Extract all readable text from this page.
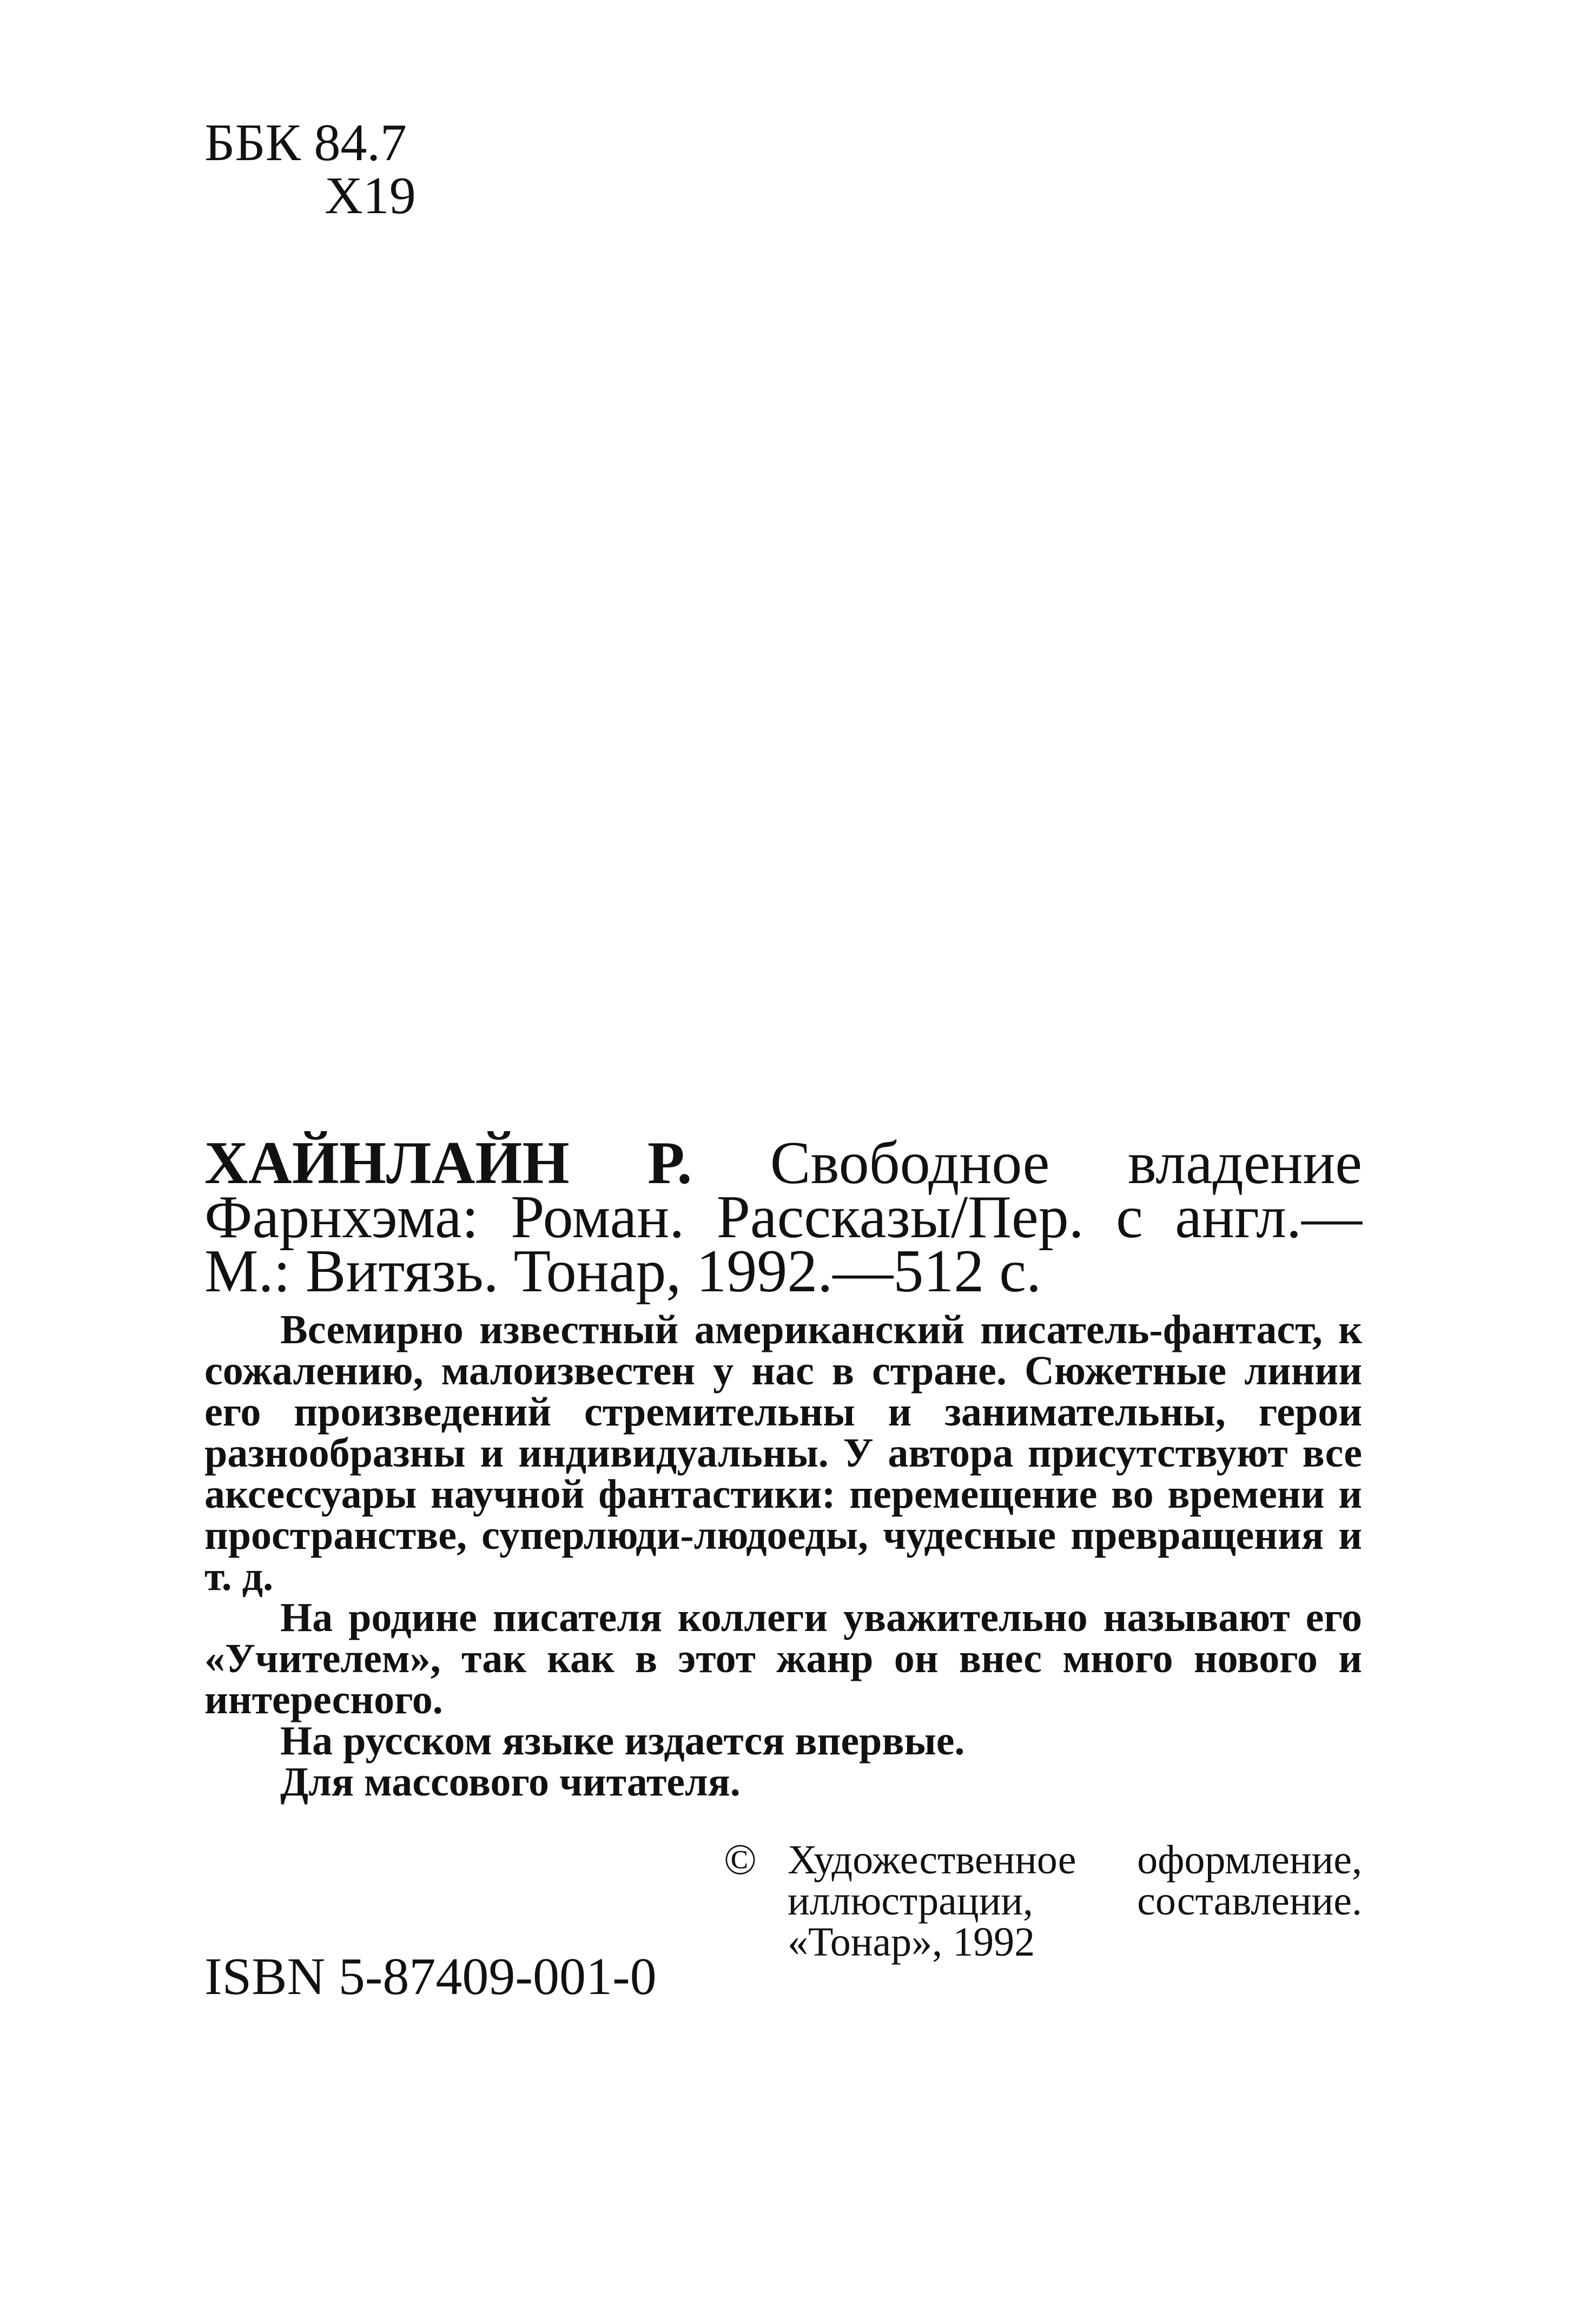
ББК 84.7
Х19
ХАЙНЛАЙН Р. Свободное владение Фарнхэма: Роман. Рассказы/Пер. с англ.— М.: Витязь. Тонар, 1992.—512 с.

Всемирно известный американский писатель-фантаст, к сожалению, малоизвестен у нас в стране. Сюжетные линии его произведений стремительны и занимательны, герои разнообразны и индивидуальны. У автора присутствуют все аксессуары научной фантастики: перемещение во времени и пространстве, суперлюди-людоеды, чудесные превращения и т. д.

На родине писателя коллеги уважительно называют его «Учителем», так как в этот жанр он внес много нового и интересного.

На русском языке издается впервые.

Для массового читателя.

ISBN 5-87409-001-0
© Художественное оформление, иллюстрации, составление. «Тонар», 1992
